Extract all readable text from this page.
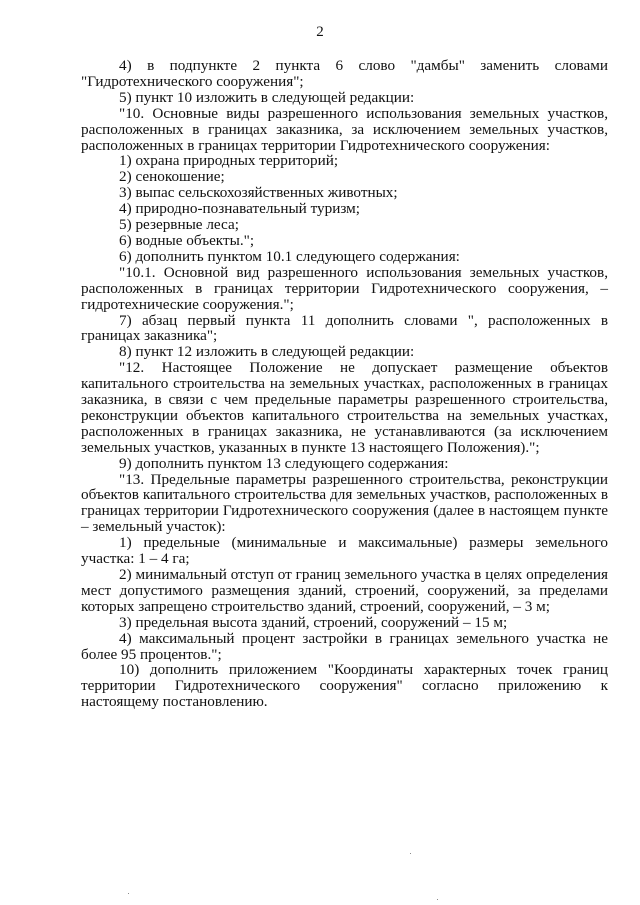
2

4) в подпункте 2 пункта 6 слово "дамбы" заменить словами "Гидротехнического сооружения";

5) пункт 10 изложить в следующей редакции:

"10. Основные виды разрешенного использования земельных участков, расположенных в границах заказника, за исключением земельных участков, расположенных в границах территории Гидротехнического сооружения:

1) охрана природных территорий;

2) сенокошение;

3) выпас сельскохозяйственных животных;

4) природно-познавательный туризм;

5) резервные леса;

6) водные объекты.";

6) дополнить пунктом 10.1 следующего содержания:

"10.1. Основной вид разрешенного использования земельных участков, расположенных в границах территории Гидротехнического сооружения, – гидротехнические сооружения.";

7) абзац первый пункта 11 дополнить словами ", расположенных в границах заказника";

8) пункт 12 изложить в следующей редакции:

"12. Настоящее Положение не допускает размещение объектов капитального строительства на земельных участках, расположенных в границах заказника, в связи с чем предельные параметры разрешенного строительства, реконструкции объектов капитального строительства на земельных участках, расположенных в границах заказника, не устанавливаются (за исключением земельных участков, указанных в пункте 13 настоящего Положения).";

9) дополнить пунктом 13 следующего содержания:

"13. Предельные параметры разрешенного строительства, реконструкции объектов капитального строительства для земельных участков, расположенных в границах территории Гидротехнического сооружения (далее в настоящем пункте – земельный участок):

1) предельные (минимальные и максимальные) размеры земельного участка: 1 – 4 га;

2) минимальный отступ от границ земельного участка в целях определения мест допустимого размещения зданий, строений, сооружений, за пределами которых запрещено строительство зданий, строений, сооружений, – 3 м;

3) предельная высота зданий, строений, сооружений – 15 м;

4) максимальный процент застройки в границах земельного участка не более 95 процентов.";

10) дополнить приложением "Координаты характерных точек границ территории Гидротехнического сооружения" согласно приложению к настоящему постановлению.
